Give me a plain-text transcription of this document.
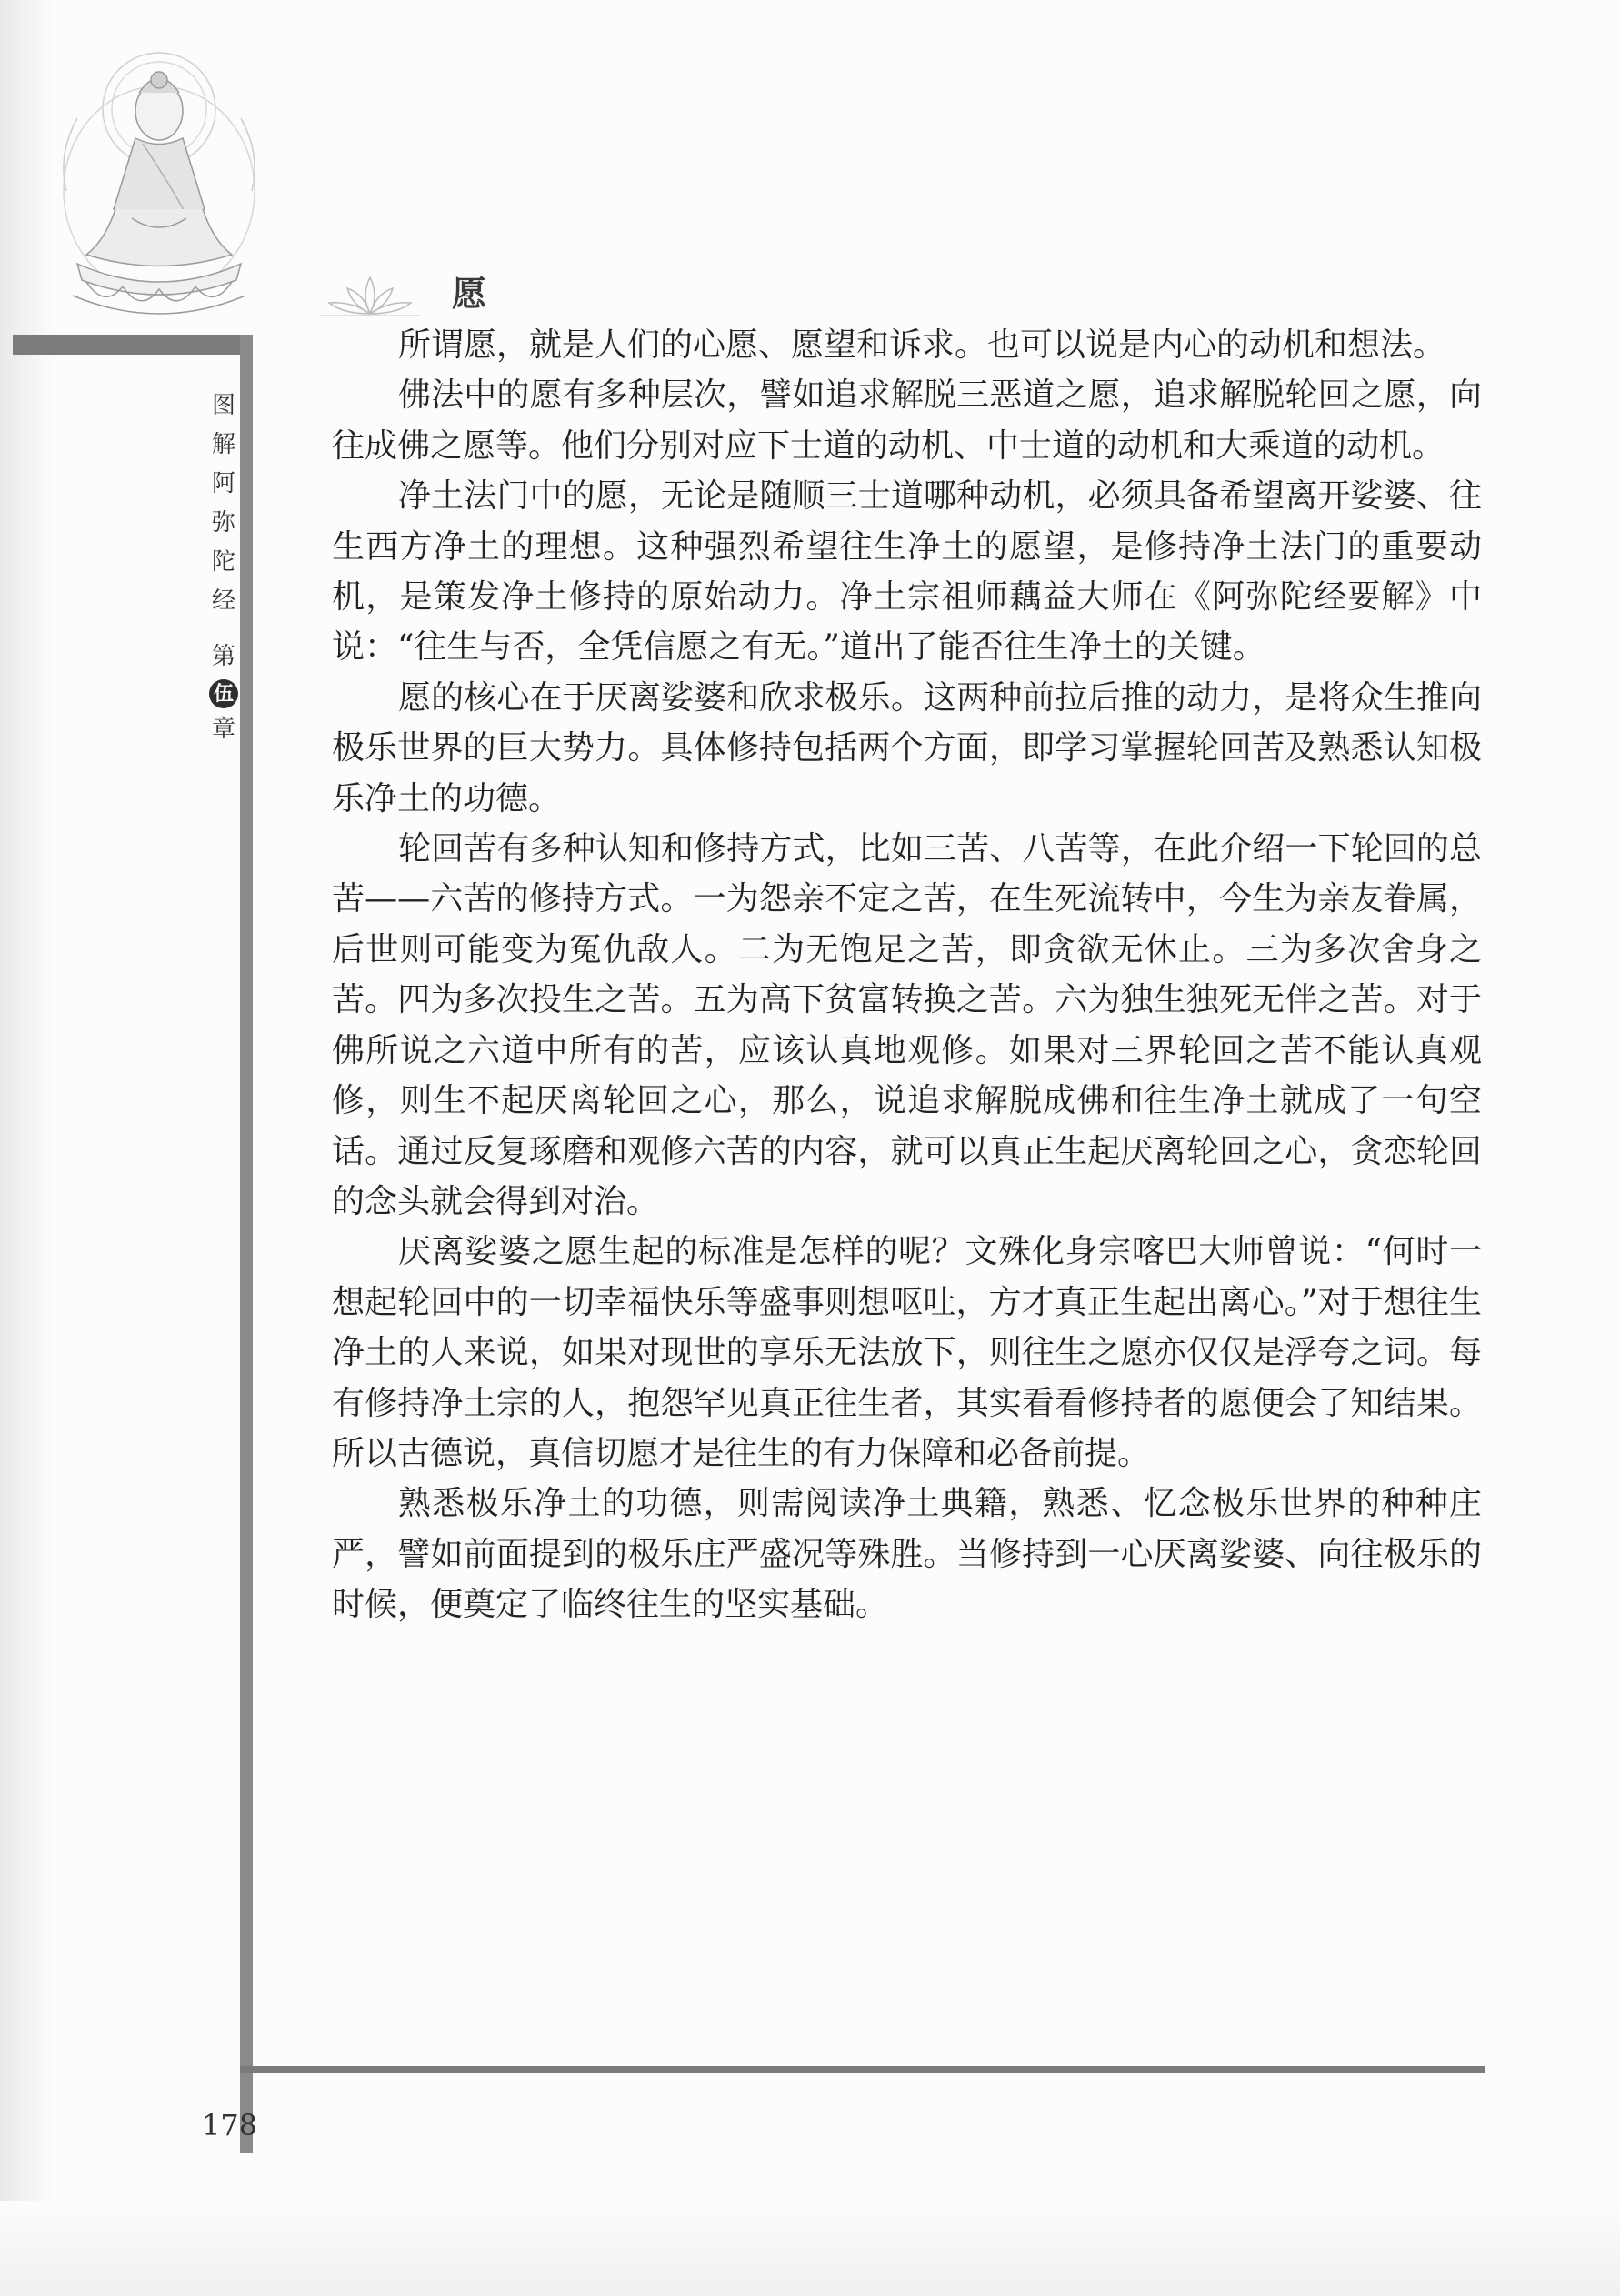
愿
图
解
阿
弥
陀
经
第
伍
章

所谓愿，就是人们的心愿、愿望和诉求。也可以说是内心的动机和想法。

佛法中的愿有多种层次，譬如追求解脱三恶道之愿，追求解脱轮回之愿，向往成佛之愿等。他们分别对应下士道的动机、中士道的动机和大乘道的动机。

净土法门中的愿，无论是随顺三士道哪种动机，必须具备希望离开娑婆、往生西方净土的理想。这种强烈希望往生净土的愿望，是修持净土法门的重要动机，是策发净土修持的原始动力。净土宗祖师藕益大师在《阿弥陀经要解》中说：“往生与否，全凭信愿之有无。”道出了能否往生净土的关键。

愿的核心在于厌离娑婆和欣求极乐。这两种前拉后推的动力，是将众生推向极乐世界的巨大势力。具体修持包括两个方面，即学习掌握轮回苦及熟悉认知极乐净土的功德。

轮回苦有多种认知和修持方式，比如三苦、八苦等，在此介绍一下轮回的总苦——六苦的修持方式。一为怨亲不定之苦，在生死流转中，今生为亲友眷属，后世则可能变为冤仇敌人。二为无饱足之苦，即贪欲无休止。三为多次舍身之苦。四为多次投生之苦。五为高下贫富转换之苦。六为独生独死无伴之苦。对于佛所说之六道中所有的苦，应该认真地观修。如果对三界轮回之苦不能认真观修，则生不起厌离轮回之心，那么，说追求解脱成佛和往生净土就成了一句空话。通过反复琢磨和观修六苦的内容，就可以真正生起厌离轮回之心，贪恋轮回的念头就会得到对治。

厌离娑婆之愿生起的标准是怎样的呢？文殊化身宗喀巴大师曾说：“何时一想起轮回中的一切幸福快乐等盛事则想呕吐，方才真正生起出离心。”对于想往生净土的人来说，如果对现世的享乐无法放下，则往生之愿亦仅仅是浮夸之词。每有修持净土宗的人，抱怨罕见真正往生者，其实看看修持者的愿便会了知结果。所以古德说，真信切愿才是往生的有力保障和必备前提。

熟悉极乐净土的功德，则需阅读净土典籍，熟悉、忆念极乐世界的种种庄严，譬如前面提到的极乐庄严盛况等殊胜。当修持到一心厌离娑婆、向往极乐的时候，便奠定了临终往生的坚实基础。

178
